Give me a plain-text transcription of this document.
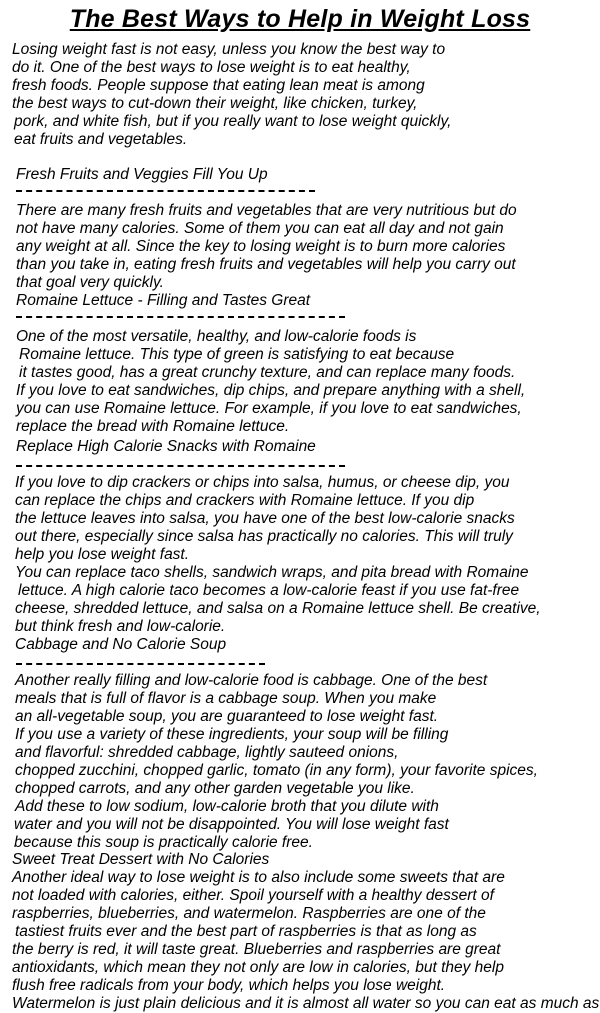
The Best Ways to Help in Weight Loss
Losing weight fast is not easy, unless you know the best way to
do it. One of the best ways to lose weight is to eat healthy,
fresh foods. People suppose that eating lean meat is among
the best ways to cut-down their weight, like chicken, turkey,
pork, and white fish, but if you really want to lose weight quickly,
eat fruits and vegetables.
Fresh Fruits and Veggies Fill You Up
There are many fresh fruits and vegetables that are very nutritious but do
not have many calories. Some of them you can eat all day and not gain
any weight at all. Since the key to losing weight is to burn more calories
than you take in, eating fresh fruits and vegetables will help you carry out
that goal very quickly.
Romaine Lettuce - Filling and Tastes Great
One of the most versatile, healthy, and low-calorie foods is
Romaine lettuce. This type of green is satisfying to eat because
it tastes good, has a great crunchy texture, and can replace many foods.
If you love to eat sandwiches, dip chips, and prepare anything with a shell,
you can use Romaine lettuce. For example, if you love to eat sandwiches,
replace the bread with Romaine lettuce.
Replace High Calorie Snacks with Romaine
If you love to dip crackers or chips into salsa, humus, or cheese dip, you
can replace the chips and crackers with Romaine lettuce. If you dip
the lettuce leaves into salsa, you have one of the best low-calorie snacks
out there, especially since salsa has practically no calories. This will truly
help you lose weight fast.
You can replace taco shells, sandwich wraps, and pita bread with Romaine
lettuce. A high calorie taco becomes a low-calorie feast if you use fat-free
cheese, shredded lettuce, and salsa on a Romaine lettuce shell. Be creative,
but think fresh and low-calorie.
Cabbage and No Calorie Soup
Another really filling and low-calorie food is cabbage. One of the best
meals that is full of flavor is a cabbage soup. When you make
an all-vegetable soup, you are guaranteed to lose weight fast.
If you use a variety of these ingredients, your soup will be filling
and flavorful: shredded cabbage, lightly sauteed onions,
chopped zucchini, chopped garlic, tomato (in any form), your favorite spices,
chopped carrots, and any other garden vegetable you like.
Add these to low sodium, low-calorie broth that you dilute with
water and you will not be disappointed. You will lose weight fast
because this soup is practically calorie free.
Sweet Treat Dessert with No Calories
Another ideal way to lose weight is to also include some sweets that are
not loaded with calories, either. Spoil yourself with a healthy dessert of
raspberries, blueberries, and watermelon. Raspberries are one of the
tastiest fruits ever and the best part of raspberries is that as long as
the berry is red, it will taste great. Blueberries and raspberries are great
antioxidants, which mean they not only are low in calories, but they help
flush free radicals from your body, which helps you lose weight.
Watermelon is just plain delicious and it is almost all water so you can eat as much as
